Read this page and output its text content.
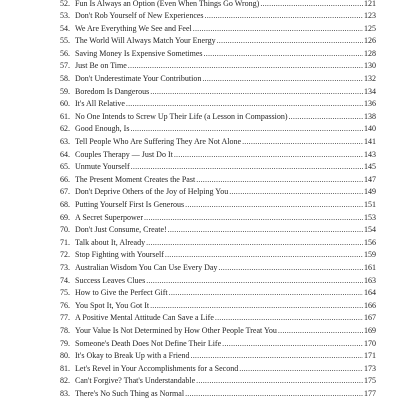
52. Fun Is Always an Option (Even When Things Go Wrong) .....	121
53. Don't Rob Yourself of New Experiences .....	123
54. We Are Everything We See and Feel .....	125
55. The World Will Always Match Your Energy .....	126
56. Saving Money Is Expensive Sometimes .....	128
57. Just Be on Time .....	130
58. Don't Underestimate Your Contribution .....	132
59. Boredom Is Dangerous .....	134
60. It's All Relative .....	136
61. No One Intends to Screw Up Their Life (a Lesson in Compassion) .....	138
62. Good Enough, Is .....	140
63. Tell People Who Are Suffering They Are Not Alone .....	141
64. Couples Therapy — Just Do It .....	143
65. Unmute Yourself .....	145
66. The Present Moment Creates the Past .....	147
67. Don't Deprive Others of the Joy of Helping You .....	149
68. Putting Yourself First Is Generous .....	151
69. A Secret Superpower .....	153
70. Don't Just Consume, Create! .....	154
71. Talk about It, Already .....	156
72. Stop Fighting with Yourself .....	159
73. Australian Wisdom You Can Use Every Day .....	161
74. Success Leaves Clues .....	163
75. How to Give the Perfect Gift .....	164
76. You Spot It, You Got It .....	166
77. A Positive Mental Attitude Can Save a Life .....	167
78. Your Value Is Not Determined by How Other People Treat You .....	169
79. Someone's Death Does Not Define Their Life .....	170
80. It's Okay to Break Up with a Friend .....	171
81. Let's Revel in Your Accomplishments for a Second .....	173
82. Can't Forgive? That's Understandable .....	175
83. There's No Such Thing as Normal .....	177
